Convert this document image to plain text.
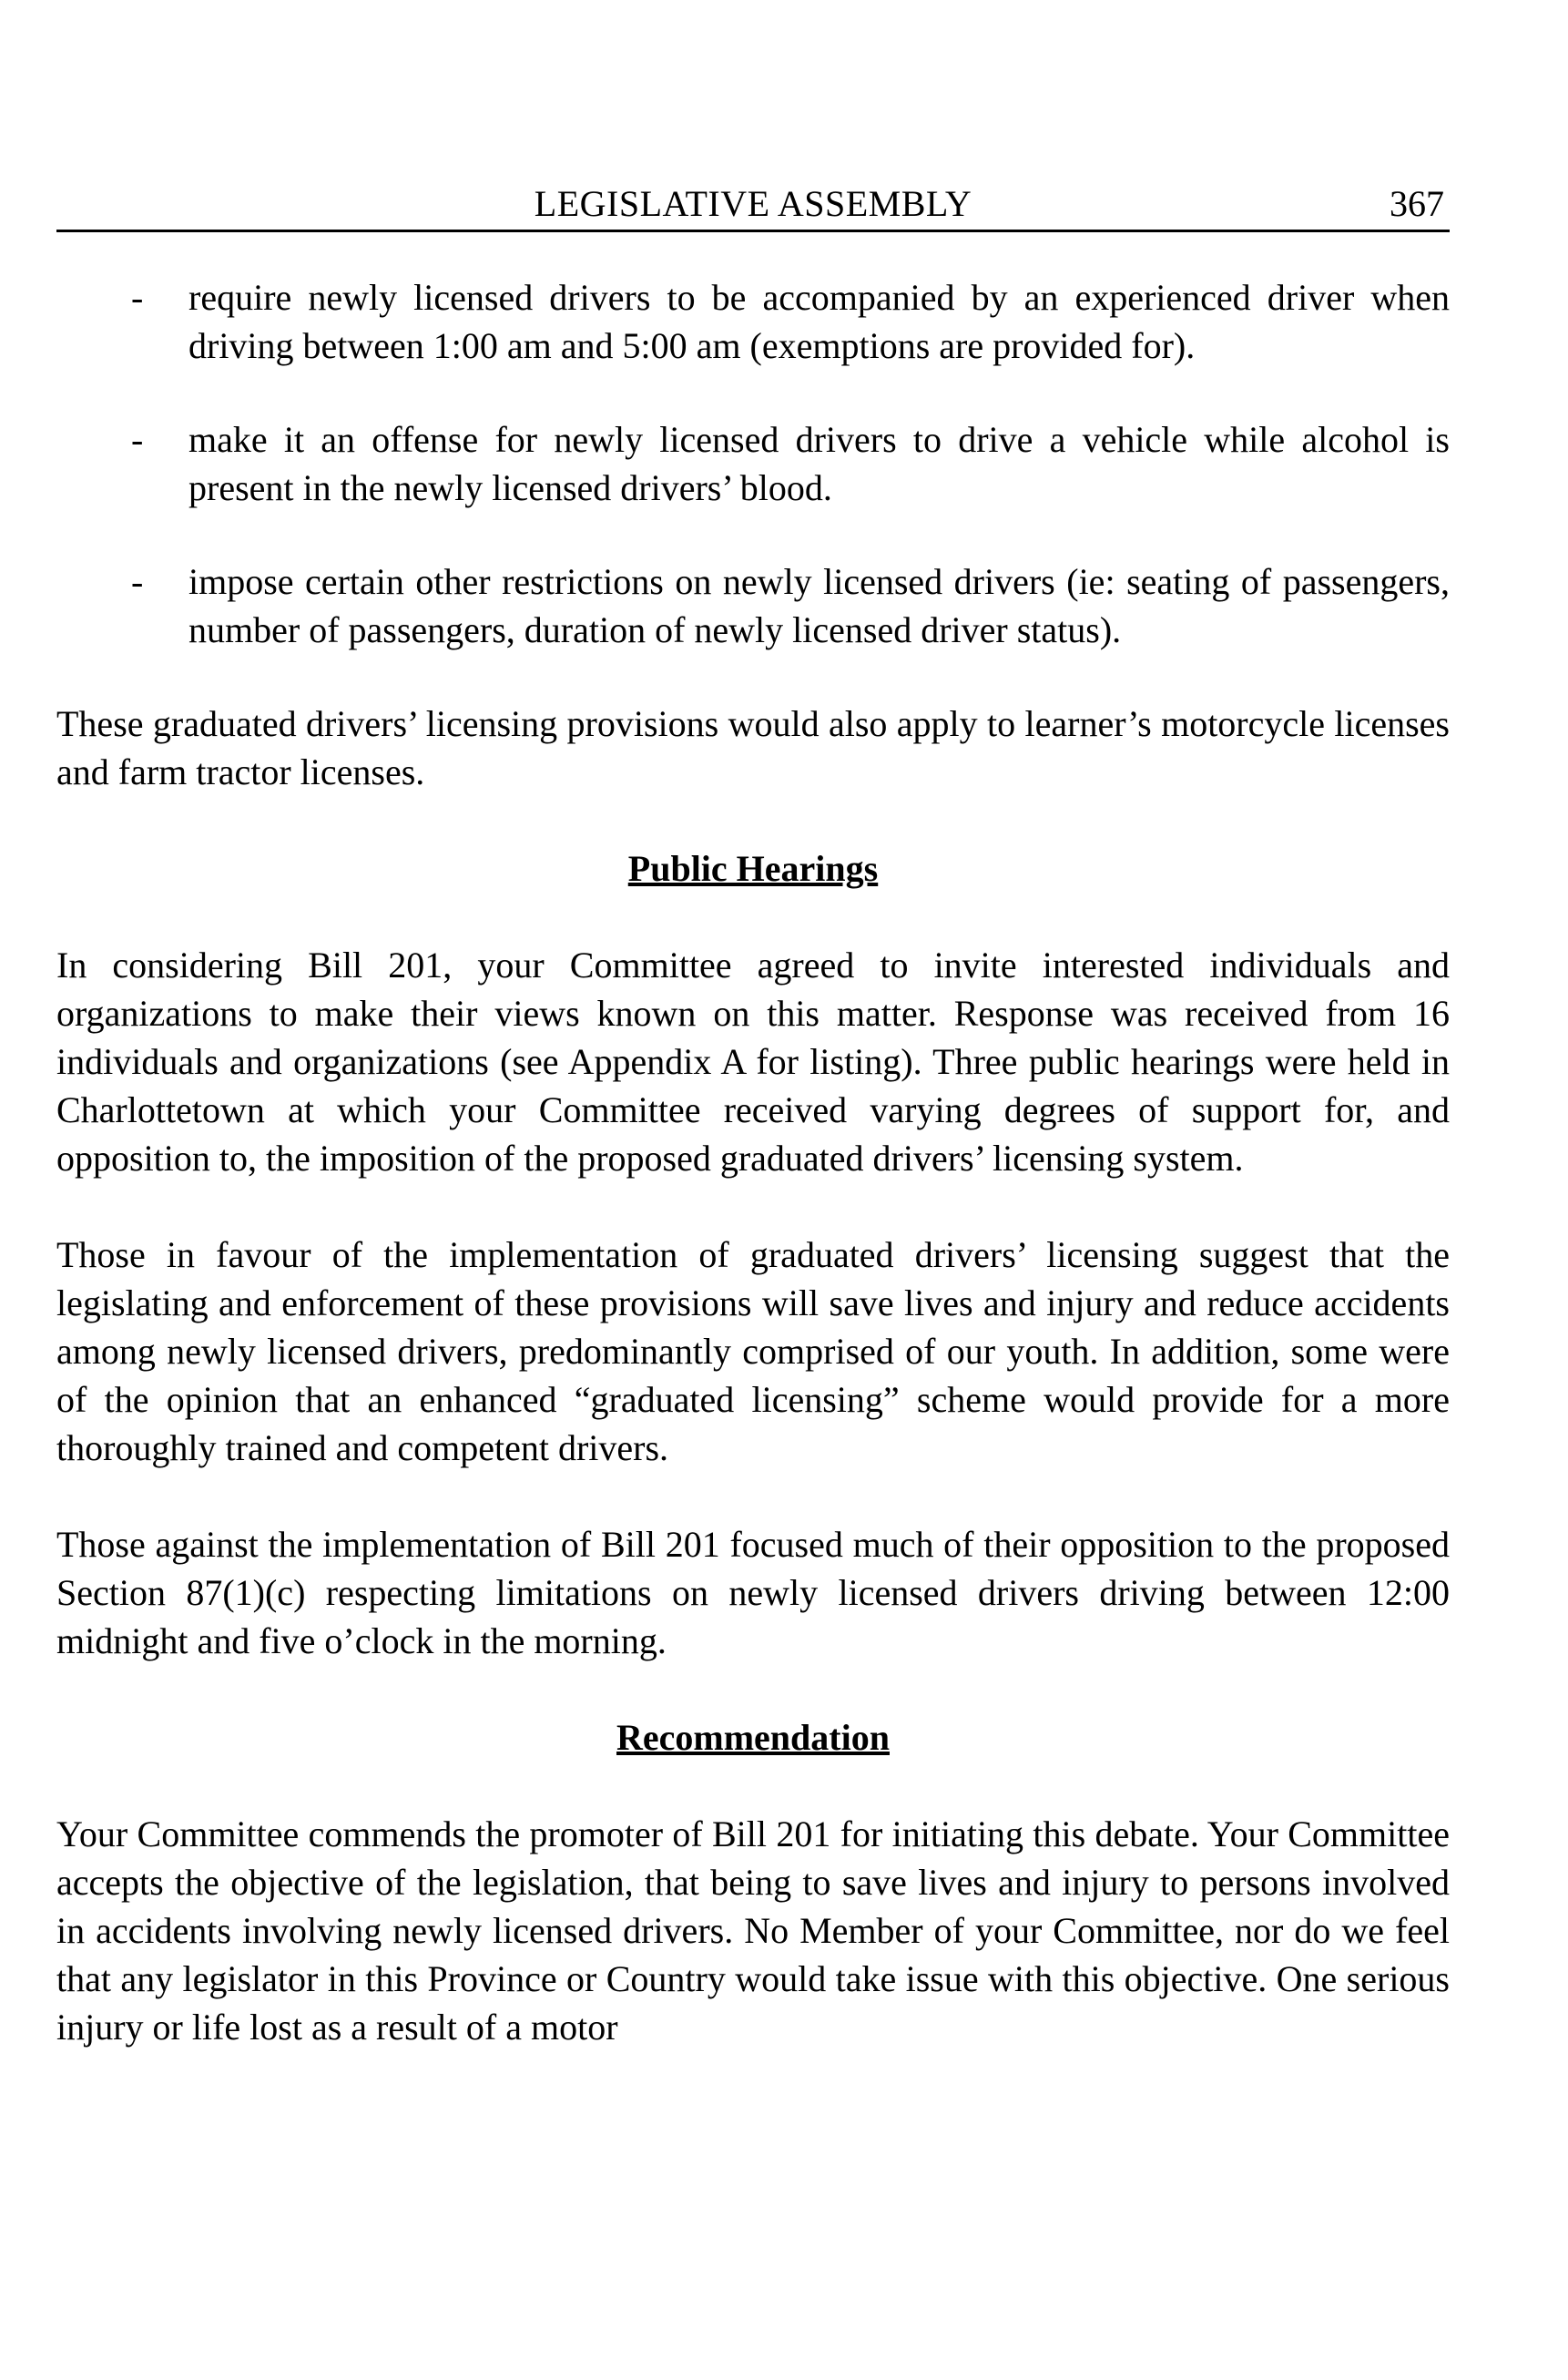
LEGISLATIVE ASSEMBLY	367
- require newly licensed drivers to be accompanied by an experienced driver when driving between 1:00 am and 5:00 am (exemptions are provided for).
- make it an offense for newly licensed drivers to drive a vehicle while alcohol is present in the newly licensed drivers’ blood.
- impose certain other restrictions on newly licensed drivers (ie: seating of passengers, number of passengers, duration of newly licensed driver status).

These graduated drivers’ licensing provisions would also apply to learner’s motorcycle licenses and farm tractor licenses.

Public Hearings

In considering Bill 201, your Committee agreed to invite interested individuals and organizations to make their views known on this matter. Response was received from 16 individuals and organizations (see Appendix A for listing). Three public hearings were held in Charlottetown at which your Committee received varying degrees of support for, and opposition to, the imposition of the proposed graduated drivers’ licensing system.

Those in favour of the implementation of graduated drivers’ licensing suggest that the legislating and enforcement of these provisions will save lives and injury and reduce accidents among newly licensed drivers, predominantly comprised of our youth. In addition, some were of the opinion that an enhanced “graduated licensing” scheme would provide for a more thoroughly trained and competent drivers.

Those against the implementation of Bill 201 focused much of their opposition to the proposed Section 87(1)(c) respecting limitations on newly licensed drivers driving between 12:00 midnight and five o’clock in the morning.

Recommendation

Your Committee commends the promoter of Bill 201 for initiating this debate. Your Committee accepts the objective of the legislation, that being to save lives and injury to persons involved in accidents involving newly licensed drivers. No Member of your Committee, nor do we feel that any legislator in this Province or Country would take issue with this objective. One serious injury or life lost as a result of a motor
